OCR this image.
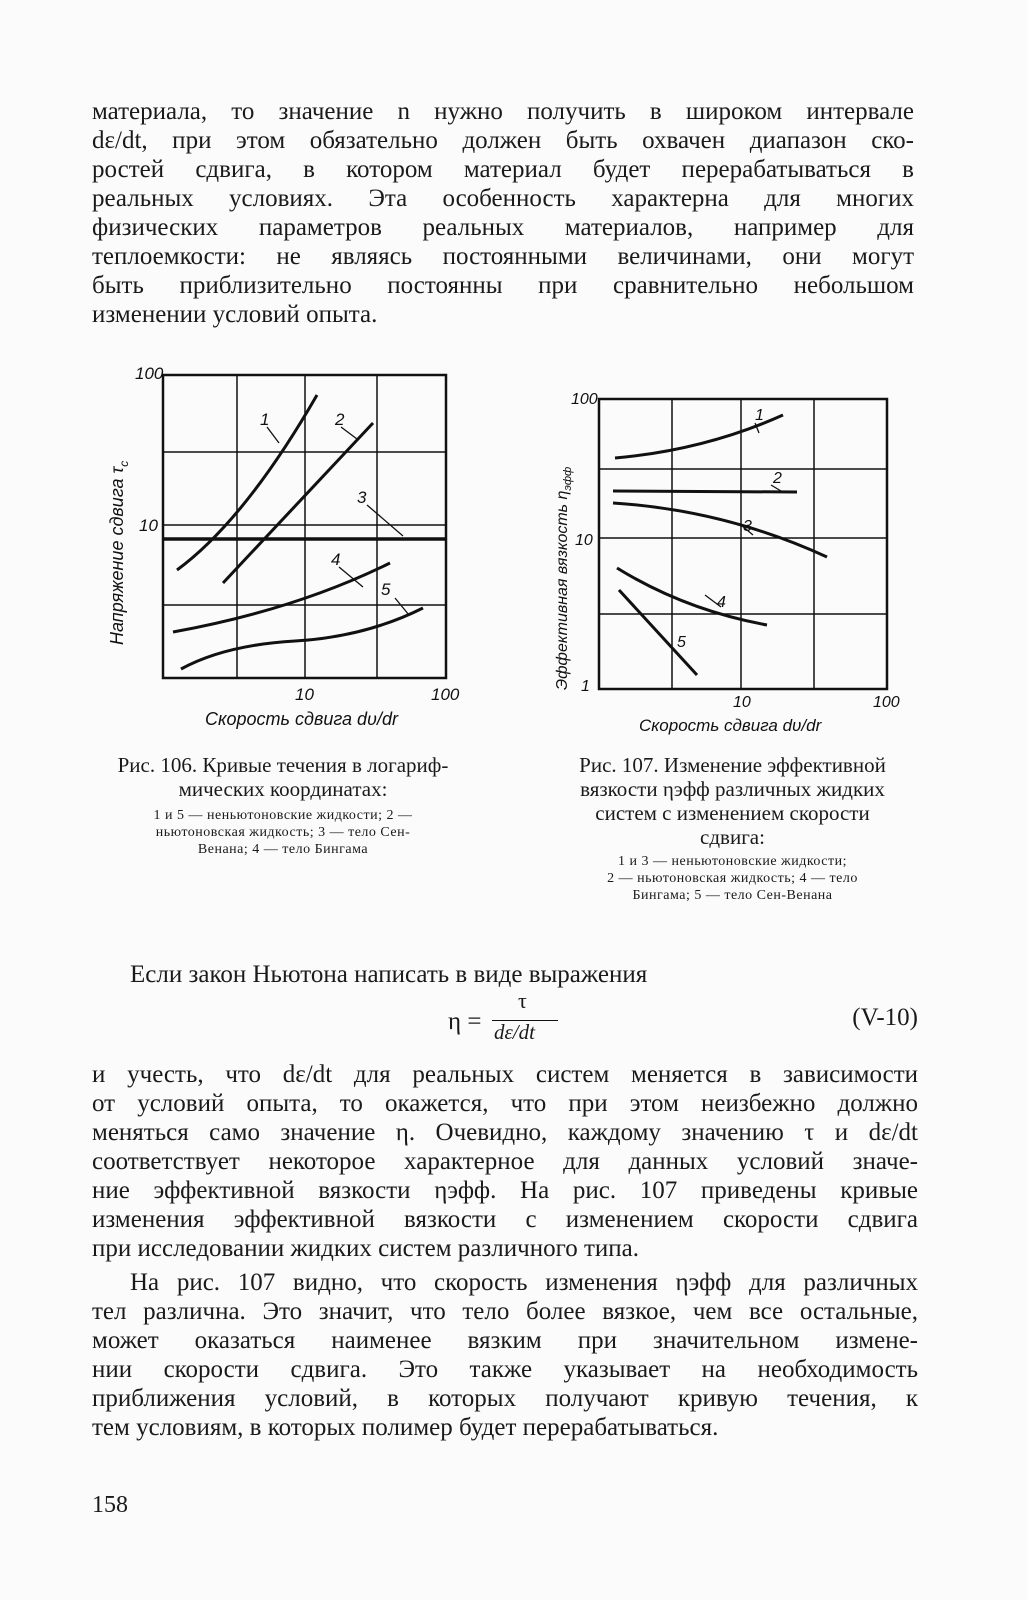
материала, то значение n нужно получить в широком интервале
dε/dt, при этом обязательно должен быть охвачен диапазон ско-
ростей сдвига, в котором материал будет перерабатываться в
реальных условиях. Эта особенность характерна для многих
физических параметров реальных материалов, например для
теплоемкости: не являясь постоянными величинами, они могут
быть приблизительно постоянны при сравнительно небольшом
изменении условий опыта.
100
10
10	100
Скорость сдвига dυ/dr
Напряжение сдвига $\tau_c$
1	2
3
4
5
Рис. 106. Кривые течения в логариф-
мических координатах:
1 и 5 — неньютоновские жидкости; 2 —
ньютоновская жидкость; 3 — тело Сен-
Венана; 4 — тело Бингама
100
10
1
10	100
Скорость сдвига dυ/dr
Эффективная вязкость $\eta_{эфф}$
1
2
3
4
5
Рис. 107. Изменение эффективной
вязкости ηэфф различных жидких
систем с изменением скорости
сдвига:
1 и 3 — неньютоновские жидкости;
2 — ньютоновская жидкость; 4 — тело
Бингама; 5 — тело Сен-Венана
Если закон Ньютона написать в виде выражения
η =
τ
dε/dt
(V-10)
и учесть, что dε/dt для реальных систем меняется в зависимости
от условий опыта, то окажется, что при этом неизбежно должно
меняться само значение η. Очевидно, каждому значению τ и dε/dt
соответствует некоторое характерное для данных условий значе-
ние эффективной вязкости ηэфф. На рис. 107 приведены кривые
изменения эффективной вязкости с изменением скорости сдвига
при исследовании жидких систем различного типа.
На рис. 107 видно, что скорость изменения ηэфф для различных
тел различна. Это значит, что тело более вязкое, чем все остальные,
может оказаться наименее вязким при значительном измене-
нии скорости сдвига. Это также указывает на необходимость
приближения условий, в которых получают кривую течения, к
тем условиям, в которых полимер будет перерабатываться.
158
